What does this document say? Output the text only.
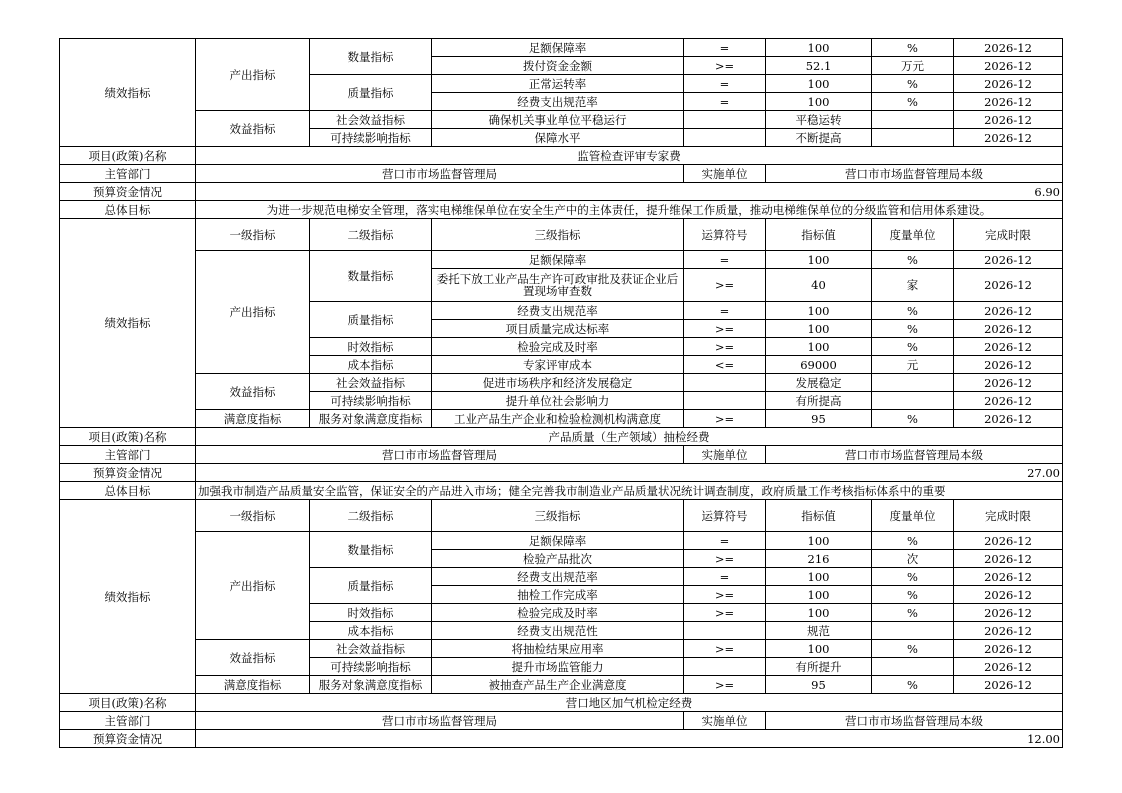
绩效指标	产出指标	数量指标	足额保障率	=	100	%	2026-12
			拨付资金金额	>=	52.1	万元	2026-12
		质量指标	正常运转率	=	100	%	2026-12
			经费支出规范率	=	100	%	2026-12
	效益指标	社会效益指标	确保机关事业单位平稳运行		平稳运转		2026-12
		可持续影响指标	保障水平		不断提高		2026-12
项目(政策)名称	监管检查评审专家费						
主管部门	营口市市场监督管理局			实施单位	营口市市场监督管理局本级		
预算资金情况	6.90						
总体目标	为进一步规范电梯安全管理，落实电梯维保单位在安全生产中的主体责任，提升维保工作质量，推动电梯维保单位的分级监管和信用体系建设。						
绩效指标	一级指标	二级指标	三级指标	运算符号	指标值	度量单位	完成时限
	产出指标	数量指标	足额保障率	=	100	%	2026-12
			委托下放工业产品生产许可政审批及获证企业后置现场审查数	>=	40	家	2026-12
		质量指标	经费支出规范率	=	100	%	2026-12
			项目质量完成达标率	>=	100	%	2026-12
		时效指标	检验完成及时率	>=	100	%	2026-12
		成本指标	专家评审成本	<=	69000	元	2026-12
	效益指标	社会效益指标	促进市场秩序和经济发展稳定		发展稳定		2026-12
		可持续影响指标	提升单位社会影响力		有所提高		2026-12
	满意度指标	服务对象满意度指标	工业产品生产企业和检验检测机构满意度	>=	95	%	2026-12
项目(政策)名称	产品质量（生产领域）抽检经费						
主管部门	营口市市场监督管理局			实施单位	营口市市场监督管理局本级		
预算资金情况	27.00						
总体目标	加强我市制造产品质量安全监管，保证安全的产品进入市场；健全完善我市制造业产品质量状况统计调查制度，政府质量工作考核指标体系中的重要						
绩效指标	一级指标	二级指标	三级指标	运算符号	指标值	度量单位	完成时限
	产出指标	数量指标	足额保障率	=	100	%	2026-12
			检验产品批次	>=	216	次	2026-12
		质量指标	经费支出规范率	=	100	%	2026-12
			抽检工作完成率	>=	100	%	2026-12
		时效指标	检验完成及时率	>=	100	%	2026-12
		成本指标	经费支出规范性		规范		2026-12
	效益指标	社会效益指标	将抽检结果应用率	>=	100	%	2026-12
		可持续影响指标	提升市场监管能力		有所提升		2026-12
	满意度指标	服务对象满意度指标	被抽查产品生产企业满意度	>=	95	%	2026-12
项目(政策)名称	营口地区加气机检定经费						
主管部门	营口市市场监督管理局			实施单位	营口市市场监督管理局本级		
预算资金情况	12.00						
